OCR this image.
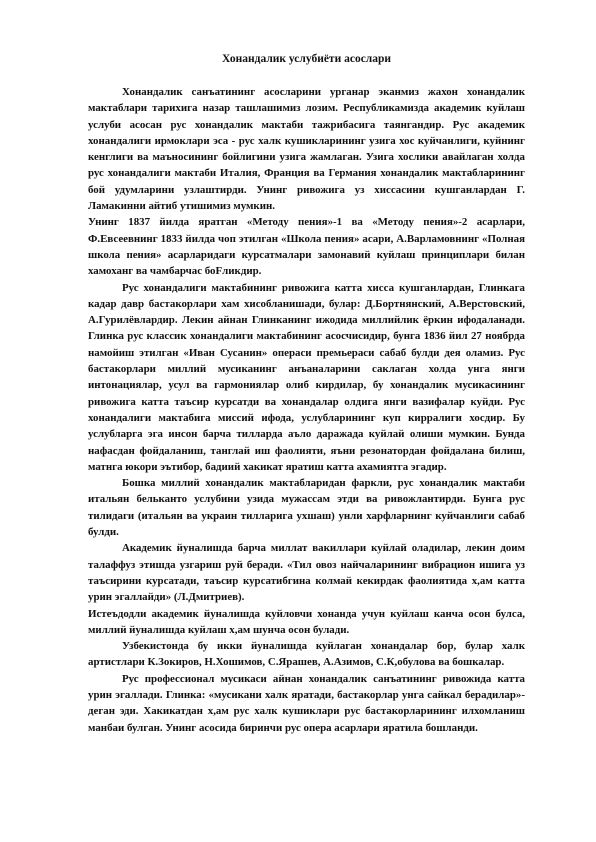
Хонандалик услубиёти асослари

Хонандалик санъатининг асосларини урганар эканмиз жахон хонандалик мактаблари тарихига назар ташлашимиз лозим. Республикамизда академик куйлаш услуби асосан рус хонандалик мактаби тажрибасига таянгандир. Рус академик хонандалиги ирмоклари эса - рус халк кушикларининг узига хос куйчанлиги, куйнинг кенглиги ва маъносининг бойлигини узига жамлаган. Узига хослики авайлаган холда рус хонандалиги мактаби Италия, Франция ва Германия хонандалик мактабларининг бой удумларини узлаштирди. Унинг ривожига уз хиссасини кушганлардан Г. Ламакинни айтиб утишимиз мумкин.

Унинг 1837 йилда яратган «Методу пения»-1 ва «Методу пения»-2 асарлари, Ф.Евсеевнинг 1833 йилда чоп этилган «Школа пения» асари, А.Варламовнинг «Полная школа пения» асарларидаги курсатмалари замонавий куйлаш принциплари билан хамоханг ва чамбарчас боFликдир.

Рус хонандалиги мактабининг ривожига катта хисса кушганлардан, Глинкага кадар давр бастакорлари хам хисобланишади, булар: Д.Бортнянский, А.Верстовский, А.Гурилёвлардир. Лекин айнан Глинканинг ижодида миллийлик ёркин ифодаланади. Глинка рус классик хонандалиги мактабининг асосчисидир, бунга 1836 йил 27 ноябрда намойиш этилган «Иван Сусанин» операси премьераси сабаб булди дея оламиз. Рус бастакорлари миллий мусиканинг анъаналарини саклаган холда унга янги интонациялар, усул ва гармониялар олиб кирдилар, бу хонандалик мусикасининг ривожига катта таъсир курсатди ва хонандалар олдига янги вазифалар куйди. Рус хонандалиги мактабига миссий ифода, услубларининг куп кирралиги хосдир. Бу услубларга эга инсон барча тилларда аъло даражада куйлай олиши мумкин. Бунда нафасдан фойдаланиш, танглай иш фаолияти, яъни резонатордан фойдалана билиш, матнга юкори эътибор, бадиий хакикат яратиш катта ахамиятга эгадир.

Бошка миллий хонандалик мактабларидан фаркли, рус хонандалик мактаби итальян бельканто услубини узида мужассам этди ва ривожлантирди. Бунга рус тилидаги (итальян ва украин тилларига ухшаш) унли харфларнинг куйчанлиги сабаб булди.

Академик йуналишда барча миллат вакиллари куйлай оладилар, лекин доим талаффуз этишда узгариш руй беради. «Тил овоз найчаларининг вибрацион ишига уз таъсирини курсатади, таъсир курсатибгина колмай кекирдак фаолиятида х,ам катта урин эгаллайди» (Л.Дмитриев).

Истеъдодли академик йуналишда куйловчи хонанда учун куйлаш канча осон булса, миллий йуналишда куйлаш х,ам шунча осон булади.

Узбекистонда бу икки йуналишда куйлаган хонандалар бор, булар халк артистлари К.Зокиров, Н.Хошимов, С.Ярашев, А.Азимов, С.К,обулова ва бошкалар.

Рус профессионал мусикаси айнан хонандалик санъатининг ривожида катта урин эгаллади. Глинка: «мусикани халк яратади, бастакорлар унга сайкал берадилар»-деган эди. Хакикатдан х,ам рус халк кушиклари рус бастакорларининг илхомланиш манбаи булган. Унинг асосида биринчи рус опера асарлари яратила бошланди.
